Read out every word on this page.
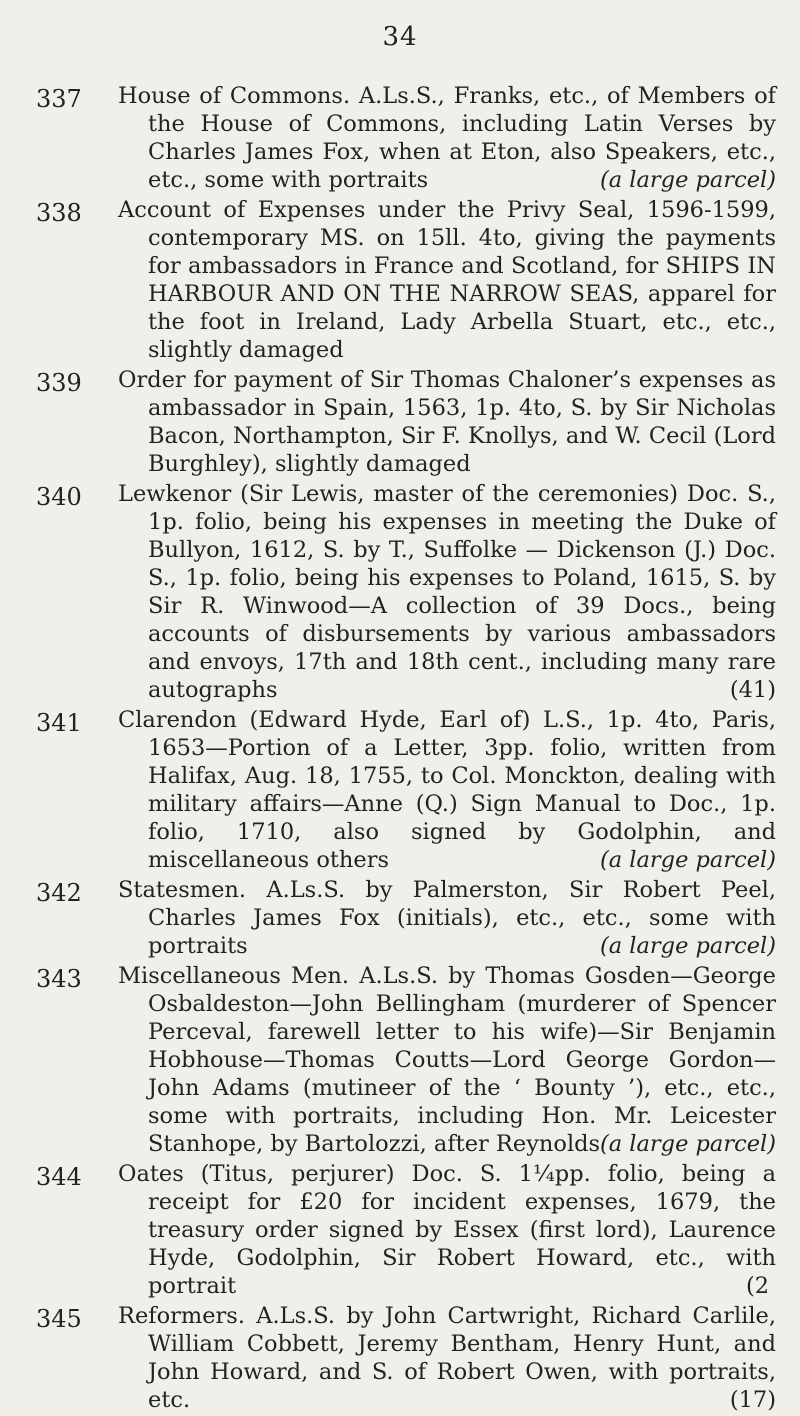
34
337	House of Commons. A.Ls.S., Franks, etc., of Members of the House of Commons, including Latin Verses by Charles James Fox, when at Eton, also Speakers, etc., etc., some with portraits	(a large parcel)
338	Account of Expenses under the Privy Seal, 1596-1599, contemporary MS. on 15ll. 4to, giving the payments for ambassadors in France and Scotland, for SHIPS IN HARBOUR AND ON THE NARROW SEAS, apparel for the foot in Ireland, Lady Arbella Stuart, etc., etc., slightly damaged
339	Order for payment of Sir Thomas Chaloner’s expenses as ambassador in Spain, 1563, 1p. 4to, S. by Sir Nicholas Bacon, Northampton, Sir F. Knollys, and W. Cecil (Lord Burghley), slightly damaged
340	Lewkenor (Sir Lewis, master of the ceremonies) Doc. S., 1p. folio, being his expenses in meeting the Duke of Bullyon, 1612, S. by T., Suffolke — Dickenson (J.) Doc. S., 1p. folio, being his expenses to Poland, 1615, S. by Sir R. Winwood—A collection of 39 Docs., being accounts of disbursements by various ambassadors and envoys, 17th and 18th cent., including many rare autographs	(41)
341	Clarendon (Edward Hyde, Earl of) L.S., 1p. 4to, Paris, 1653—Portion of a Letter, 3pp. folio, written from Halifax, Aug. 18, 1755, to Col. Monckton, dealing with military affairs—Anne (Q.) Sign Manual to Doc., 1p. folio, 1710, also signed by Godolphin, and miscellaneous others	(a large parcel)
342	Statesmen. A.Ls.S. by Palmerston, Sir Robert Peel, Charles James Fox (initials), etc., etc., some with portraits	(a large parcel)
343	Miscellaneous Men. A.Ls.S. by Thomas Gosden—George Osbaldeston—John Bellingham (murderer of Spencer Perceval, farewell letter to his wife)—Sir Benjamin Hobhouse—Thomas Coutts—Lord George Gordon—John Adams (mutineer of the ‘ Bounty ’), etc., etc., some with portraits, including Hon. Mr. Leicester Stanhope, by Bartolozzi, after Reynolds (a large parcel)
344	Oates (Titus, perjurer) Doc. S. 1¼pp. folio, being a receipt for £20 for incident expenses, 1679, the treasury order signed by Essex (first lord), Laurence Hyde, Godolphin, Sir Robert Howard, etc., with portrait	(2
345	Reformers. A.Ls.S. by John Cartwright, Richard Carlile, William Cobbett, Jeremy Bentham, Henry Hunt, and John Howard, and S. of Robert Owen, with portraits, etc.	(17)
